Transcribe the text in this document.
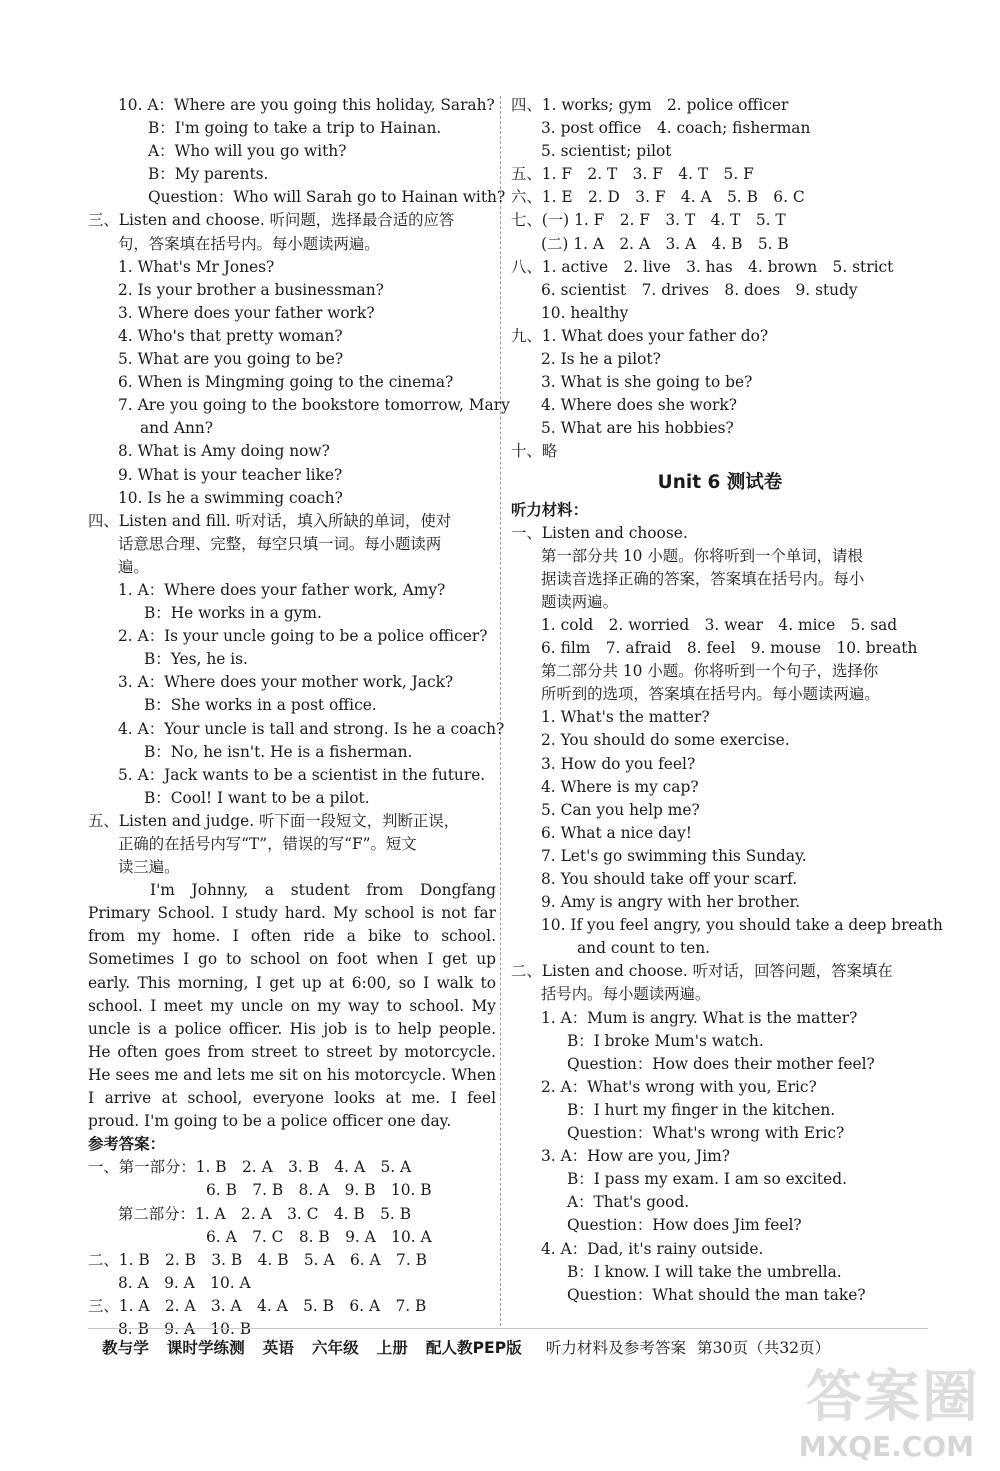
10. A：Where are you going this holiday, Sarah?
B：I'm going to take a trip to Hainan.
A：Who will you go with?
B：My parents.
Question：Who will Sarah go to Hainan with?
三、Listen and choose. 听问题，选择最合适的应答
句，答案填在括号内。每小题读两遍。
1. What's Mr Jones?
2. Is your brother a businessman?
3. Where does your father work?
4. Who's that pretty woman?
5. What are you going to be?
6. When is Mingming going to the cinema?
7. Are you going to the bookstore tomorrow, Mary
and Ann?
8. What is Amy doing now?
9. What is your teacher like?
10. Is he a swimming coach?
四、Listen and fill. 听对话，填入所缺的单词，使对
话意思合理、完整，每空只填一词。每小题读两
遍。
1. A：Where does your father work, Amy?
B：He works in a gym.
2. A：Is your uncle going to be a police officer?
B：Yes, he is.
3. A：Where does your mother work, Jack?
B：She works in a post office.
4. A：Your uncle is tall and strong. Is he a coach?
B：No, he isn't. He is a fisherman.
5. A：Jack wants to be a scientist in the future.
B：Cool! I want to be a pilot.
五、Listen and judge. 听下面一段短文，判断正误，
正确的在括号内写“T”，错误的写“F”。短文
读三遍。
I'm Johnny, a student from Dongfang Primary School. I study hard. My school is not far from my home. I often ride a bike to school. Sometimes I go to school on foot when I get up early. This morning, I get up at 6:00, so I walk to school. I meet my uncle on my way to school. My uncle is a police officer. His job is to help people. He often goes from street to street by motorcycle. He sees me and lets me sit on his motorcycle. When I arrive at school, everyone looks at me. I feel proud. I'm going to be a police officer one day.
参考答案：
一、第一部分：1. B　2. A　3. B　4. A　5. A
6. B　7. B　8. A　9. B　10. B
第二部分：1. A　2. A　3. C　4. B　5. B
6. A　7. C　8. B　9. A　10. A
二、1. B　2. B　3. B　4. B　5. A　6. A　7. B
8. A　9. A　10. A
三、1. A　2. A　3. A　4. A　5. B　6. A　7. B
8. B　9. A　10. B
四、1. works; gym　2. police officer
3. post office　4. coach; fisherman
5. scientist; pilot
五、1. F　2. T　3. F　4. T　5. F
六、1. E　2. D　3. F　4. A　5. B　6. C
七、(一) 1. F　2. F　3. T　4. T　5. T
(二) 1. A　2. A　3. A　4. B　5. B
八、1. active　2. live　3. has　4. brown　5. strict
6. scientist　7. drives　8. does　9. study
10. healthy
九、1. What does your father do?
2. Is he a pilot?
3. What is she going to be?
4. Where does she work?
5. What are his hobbies?
十、略
Unit 6 测试卷
听力材料：
一、Listen and choose.
第一部分共 10 小题。你将听到一个单词，请根
据读音选择正确的答案，答案填在括号内。每小
题读两遍。
1. cold　2. worried　3. wear　4. mice　5. sad
6. film　7. afraid　8. feel　9. mouse　10. breath
第二部分共 10 小题。你将听到一个句子，选择你
所听到的选项，答案填在括号内。每小题读两遍。
1. What's the matter?
2. You should do some exercise.
3. How do you feel?
4. Where is my cap?
5. Can you help me?
6. What a nice day!
7. Let's go swimming this Sunday.
8. You should take off your scarf.
9. Amy is angry with her brother.
10. If you feel angry, you should take a deep breath
and count to ten.
二、Listen and choose. 听对话，回答问题，答案填在
括号内。每小题读两遍。
1. A：Mum is angry. What is the matter?
B：I broke Mum's watch.
Question：How does their mother feel?
2. A：What's wrong with you, Eric?
B：I hurt my finger in the kitchen.
Question：What's wrong with Eric?
3. A：How are you, Jim?
B：I pass my exam. I am so excited.
A：That's good.
Question：How does Jim feel?
4. A：Dad, it's rainy outside.
B：I know. I will take the umbrella.
Question：What should the man take?
教与学 课时学练测 英语 六年级 上册 配人教PEP版 听力材料及参考答案 第30页（共32页）
答案圈
MXQE.COM
